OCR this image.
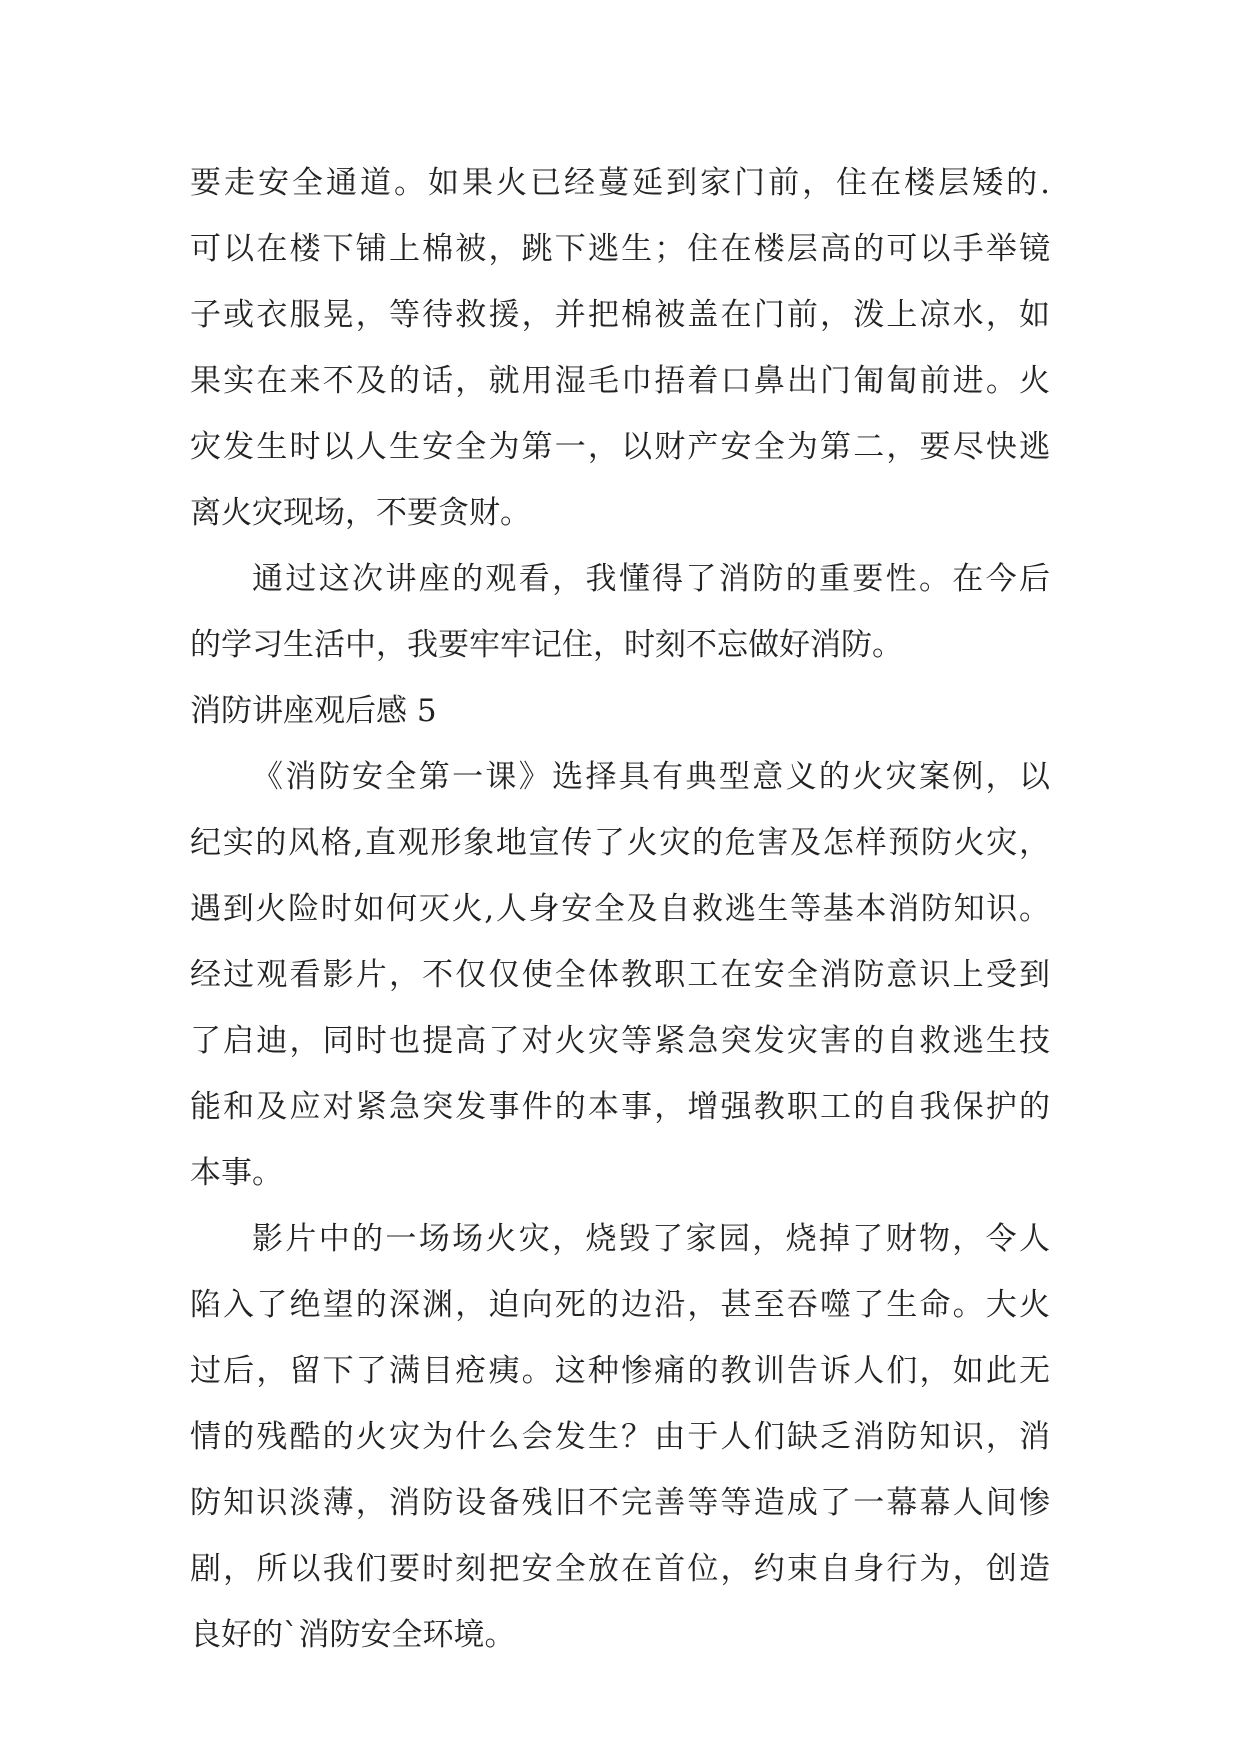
要走安全通道。如果火已经蔓延到家门前，住在楼层矮的.
可以在楼下铺上棉被，跳下逃生；住在楼层高的可以手举镜
子或衣服晃，等待救援，并把棉被盖在门前，泼上凉水，如
果实在来不及的话，就用湿毛巾捂着口鼻出门匍匐前进。火
灾发生时以人生安全为第一，以财产安全为第二，要尽快逃
离火灾现场，不要贪财。
通过这次讲座的观看，我懂得了消防的重要性。在今后
的学习生活中，我要牢牢记住，时刻不忘做好消防。
消防讲座观后感 5
《消防安全第一课》选择具有典型意义的火灾案例，以
纪实的风格,直观形象地宣传了火灾的危害及怎样预防火灾，
遇到火险时如何灭火,人身安全及自救逃生等基本消防知识。
经过观看影片，不仅仅使全体教职工在安全消防意识上受到
了启迪，同时也提高了对火灾等紧急突发灾害的自救逃生技
能和及应对紧急突发事件的本事，增强教职工的自我保护的
本事。
影片中的一场场火灾，烧毁了家园，烧掉了财物，令人
陷入了绝望的深渊，迫向死的边沿，甚至吞噬了生命。大火
过后，留下了满目疮痍。这种惨痛的教训告诉人们，如此无
情的残酷的火灾为什么会发生？由于人们缺乏消防知识，消
防知识淡薄，消防设备残旧不完善等等造成了一幕幕人间惨
剧，所以我们要时刻把安全放在首位，约束自身行为，创造
良好的`消防安全环境。
